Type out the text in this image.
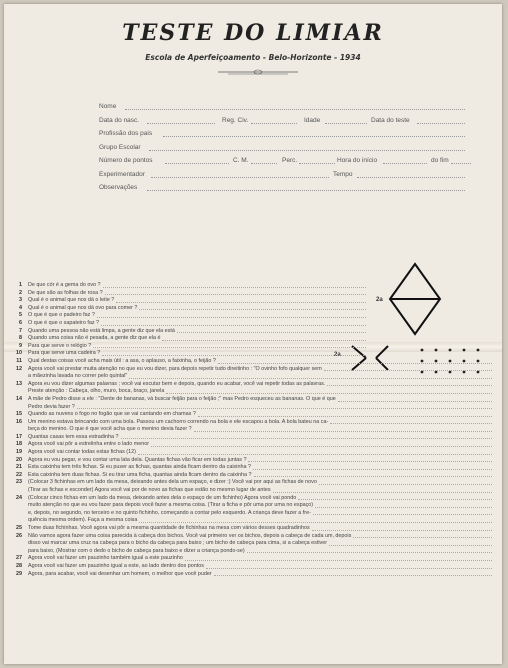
TESTE DO LIMIAR
Escola de Aperfeiçoamento - Belo-Horizonte - 1934
Nome
Data do nasc.	Reg. Civ.	Idade	Data do teste
Profissão dos pais
Grupo Escolar
Número de pontos	C. M.	Perc.	Hora do início	do fim
Experimentador	Tempo
Observações
2a
2a
1 De que cór é a gema do ovo ?
2 De que são as folhas de rosa ?
3 Qual é o animal que nos dá o leite ?
4 Qual é o animal que nos dá ovo para comer ?
5 O que é que o padeiro faz ?
6 O que é que o sapateiro faz ?
7 Quando uma pessoa não está limpa, a gente diz que ela está
8 Quando uma coisa não é pesada, a gente diz que ela é
9 Para que serve o relógio ?
10 Para que serve uma cadeira ?
11 Qual destas coisas você acha mais útil : a asa, o aplauso, a faixinha, o feijão ?
12 Agora você vai prestar muita atenção no que eu vou dizer, para depois repetir tudo direitinho : "O ovinho fofo qualquer sem
a mãezinha lavada no correr pelo quintal"
13 Agora eu vou dizer algumas palavras ; você vai escutar bem e depois, quando eu acabar, você vai repetir todas as palavras.
Preste atenção : Cabeça, olho, muro, boca, braço, janela
14 A mãe de Pedro disse a ele : "Dente de bananas, vá buscar feijão para o feijão ;" mas Pedro esqueceu as bananas. O que é que
Pedro devia fazer ?
15 Quando as nuvens o fogo no fogão que se vai cantando em chamas ?
16 Um menino estava brincando com uma bola. Passou um cachorro correndo na bola e ele escapou a bola. A bola bateu na ca-
beça do menino. O que é que você acha que o menino devia fazer ?
17 Quantas casas tem essa estradinha ?
18 Agora você vai pôr a estrelinha entre o lado menor
19 Agora você vai contar todas estas fichas (12)
20 Agora eu vou pegar, e vou contar uma lata dela. Quantas fichas vão ficar em todas juntas ?
21 Esta caixinha tem três fichas. Si eu puser as fichas, quantas ainda ficam dentro da caixinha ?
22 Esta caixinha tem duas fichas. Si eu tirar uma ficha, quantas ainda ficam dentro da caixinha ?
23 (Colocar 3 fichinhas em um lado da mesa, deixando antes dela um espaço, e dizer :) Você vai por aqui as fichas de novo
(Tirar as fichas e esconder) Agora você vai por de novo as fichas que estão no mesmo lugar de antes
24 (Colocar cinco fichas em um lado da mesa, deixando antes dela o espaço de um fichinho) Agora você vai pondo
muito atenção no que eu vou fazer para depois você fazer a mesma coisa. (Tirar a ficha e pôr uma por uma no espaço)
e, depois, no segundo, no terceiro e no quinto fichinho, começando a contar pelo esquerdo. A criança deve fazer a fre-
quência mesma ordem). Faça a mesma coisa
25 Tome duas fichinhas. Você agora vai pôr a mesma quantidade de fichinhas na mesa com vários desses quadradinhos
26 Não vamos agora fazer uma coisa parecida à cabeça dos bichos. Você vai primeiro ver os bichos, depois a cabeça de cada um, depois
disso vai marcar uma cruz na cabeça para o bicho da cabeça para baixo ; um bicho de cabeça para cima, si a cabeça estiver
para baixo, (Mostrar com o dedo o bicho de cabeça para baixo e dizer a criança pondo-se)
27 Agora você vai fazer um pauzinho também igual a este pauzinho
28 Agora você vai fazer um pauzinho igual a este, ao lado dentro dos pontos
29 Agora, para acabar, você vai desenhar um homem, o melhor que você puder
